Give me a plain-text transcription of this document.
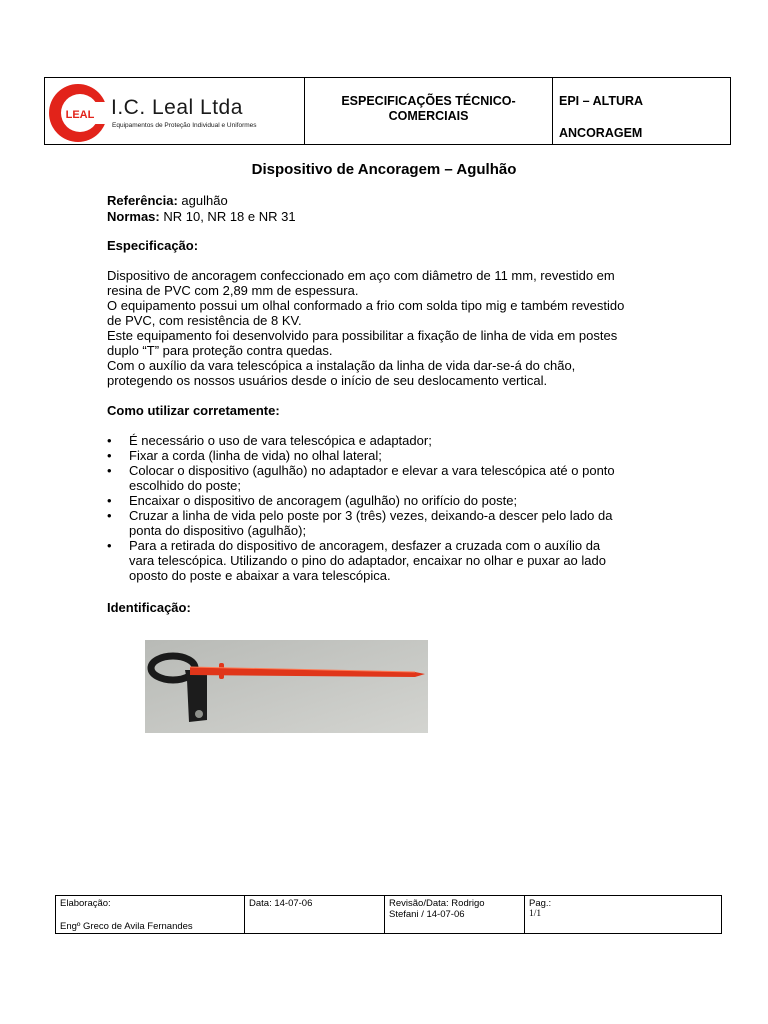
LEAL I.C. Leal Ltda
Equipamentos de Proteção Individual e Uniformes
ESPECIFICAÇÕES TÉCNICO-
COMERCIAIS
EPI – ALTURA
ANCORAGEM
Dispositivo de Ancoragem – Agulhão
Referência: agulhão
Normas: NR 10, NR 18 e NR 31
Especificação:
Dispositivo de ancoragem confeccionado em aço com diâmetro de 11 mm, revestido em
resina de PVC com 2,89 mm de espessura.
O equipamento possui um olhal conformado a frio com solda tipo mig e também revestido
de PVC, com resistência de 8 KV.
Este equipamento foi desenvolvido para possibilitar a fixação de linha de vida em postes
duplo “T” para proteção contra quedas.
Com o auxílio da vara telescópica a instalação da linha de vida dar-se-á do chão,
protegendo os nossos usuários desde o início de seu deslocamento vertical.
Como utilizar corretamente:
• É necessário o uso de vara telescópica e adaptador;
• Fixar a corda (linha de vida) no olhal lateral;
• Colocar o dispositivo (agulhão) no adaptador e elevar a vara telescópica até o ponto
escolhido do poste;
• Encaixar o dispositivo de ancoragem (agulhão) no orifício do poste;
• Cruzar a linha de vida pelo poste por 3 (três) vezes, deixando-a descer pelo lado da
ponta do dispositivo (agulhão);
• Para a retirada do dispositivo de ancoragem, desfazer a cruzada com o auxílio da
vara telescópica. Utilizando o pino do adaptador, encaixar no olhar e puxar ao lado
oposto do poste e abaixar a vara telescópica.
Identificação:
Elaboração:
Engº Greco de Avila Fernandes
Data: 14-07-06	Revisão/Data: Rodrigo
Stefani / 14-07-06
Pag.:
1/1
